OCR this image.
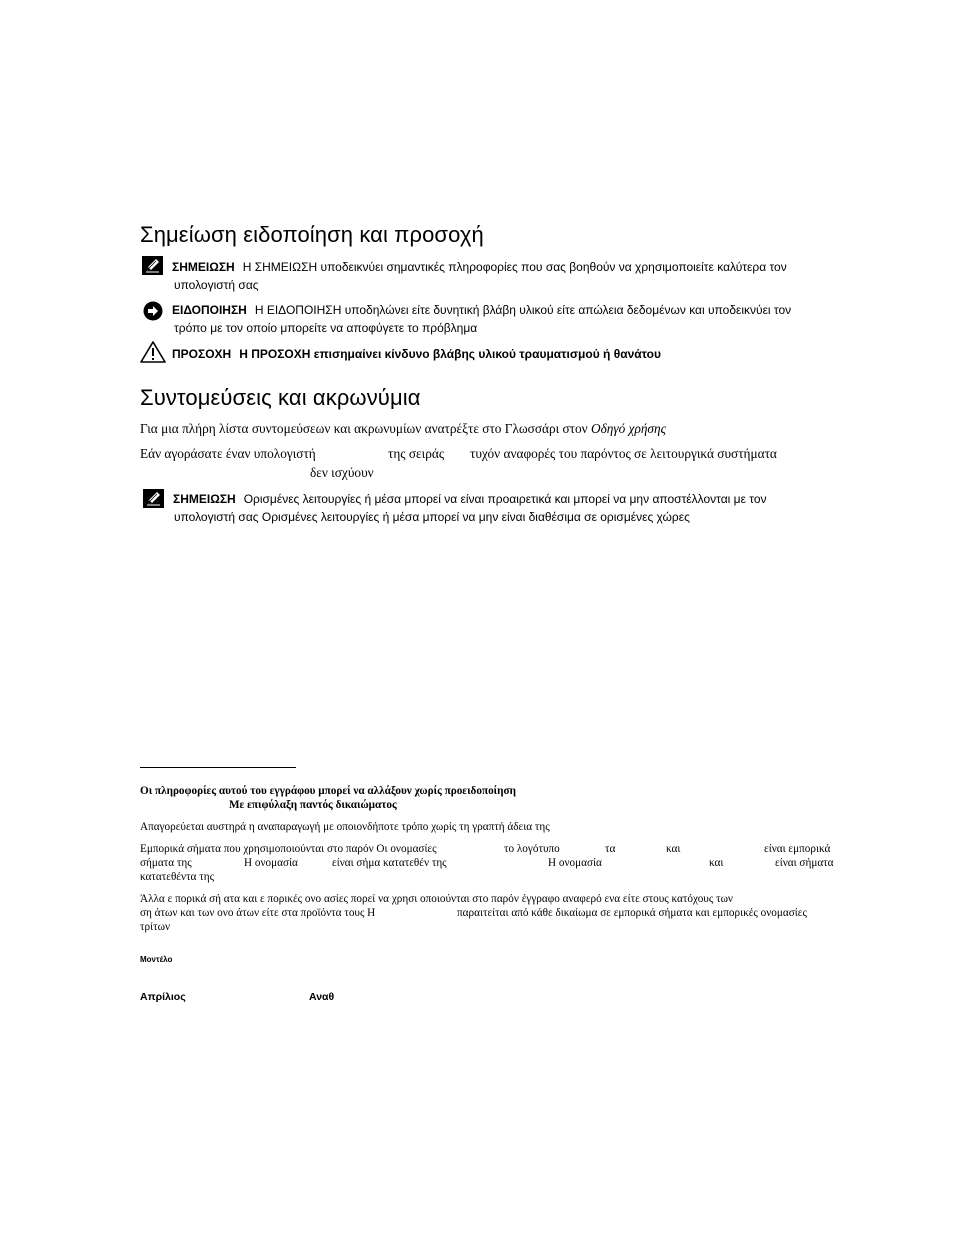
Σημείωση ειδοποίηση και προσοχή
ΣΗΜΕΙΩΣΗ Η ΣΗΜΕΙΩΣΗ υποδεικνύει σημαντικές πληροφορίες που σας βοηθούν να χρησιμοποιείτε καλύτερα τον
υπολογιστή σας
ΕΙΔΟΠΟΙΗΣΗ Η ΕΙΔΟΠΟΙΗΣΗ υποδηλώνει είτε δυνητική βλάβη υλικού είτε απώλεια δεδομένων και υποδεικνύει τον
τρόπο με τον οποίο μπορείτε να αποφύγετε το πρόβλημα
ΠΡΟΣΟΧΗ Η ΠΡΟΣΟΧΗ επισημαίνει κίνδυνο βλάβης υλικού τραυματισμού ή θανάτου
Συντομεύσεις και ακρωνύμια
Για μια πλήρη λίστα συντομεύσεων και ακρωνυμίων ανατρέξτε στο Γλωσσάρι στον Οδηγό χρήσης
Εάν αγοράσατε έναν υπολογιστή	της σειράς τυχόν αναφορές του παρόντος σε λειτουργικά συστήματα
δεν ισχύουν
ΣΗΜΕΙΩΣΗ Ορισμένες λειτουργίες ή μέσα μπορεί να είναι προαιρετικά και μπορεί να μην αποστέλλονται με τον
υπολογιστή σας Ορισμένες λειτουργίες ή μέσα μπορεί να μην είναι διαθέσιμα σε ορισμένες χώρες
Οι πληροφορίες αυτού του εγγράφου μπορεί να αλλάξουν χωρίς προειδοποίηση
Με επιφύλαξη παντός δικαιώματος
Απαγορεύεται αυστηρά η αναπαραγωγή με οποιονδήποτε τρόπο χωρίς τη γραπτή άδεια της
Εμπορικά σήματα που χρησιμοποιούνται στο παρόν Οι ονομασίες	το λογότυπο	τα	και	είναι εμπορικά
σήματα της	Η ονομασία	είναι σήμα κατατεθέν της	Η ονομασία	και	είναι σήματα
κατατεθέντα της
Άλλα ε πορικά σή ατα και ε πορικές ονο ασίες πορεί να χρησι οποιούνται στο παρόν έγγραφο αναφερό ενα είτε στους κατόχους των
ση άτων και των ονο άτων είτε στα προϊόντα τους Η	παραιτείται από κάθε δικαίωμα σε εμπορικά σήματα και εμπορικές ονομασίες
τρίτων
Μοντέλο
Απρίλιος	Αναθ
